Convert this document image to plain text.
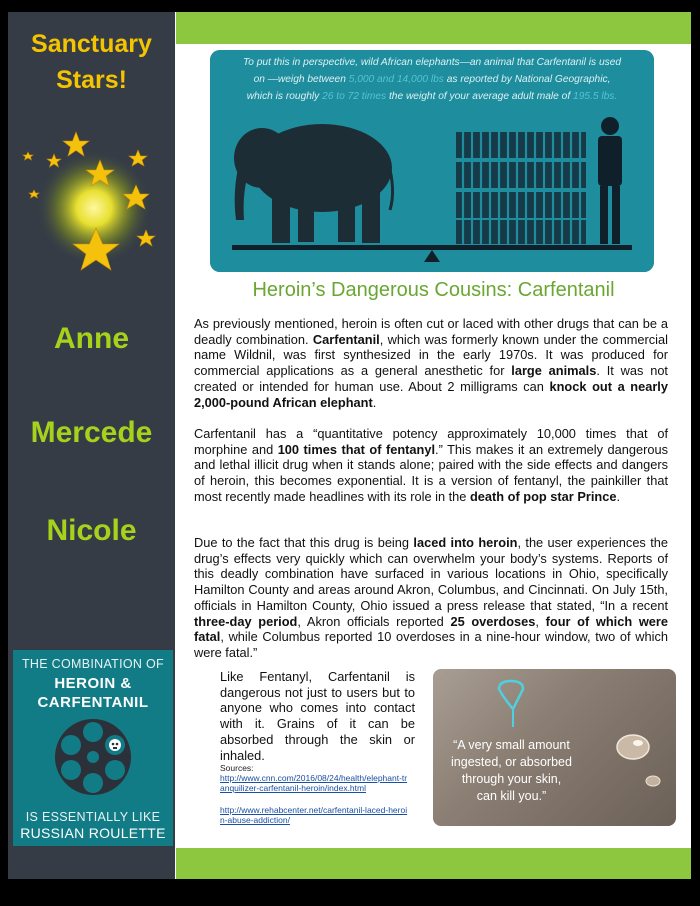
Sanctuary
Stars!
Anne
Mercede
Nicole
THE COMBINATION OF
HEROIN &
CARFENTANIL
IS ESSENTIALLY LIKE
RUSSIAN ROULETTE
To put this in perspective, wild African elephants—an animal that Carfentanil is used
on —weigh between 5,000 and 14,000 lbs as reported by National Geographic,
which is roughly 26 to 72 times the weight of your average adult male of 195.5 lbs.
Heroin’s Dangerous Cousins: Carfentanil
As previously mentioned, heroin is often cut or laced with other drugs that can be a deadly combination. Carfentanil, which was formerly known under the commercial name Wildnil, was first synthesized in the early 1970s. It was produced for commercial applications as a general anesthetic for large animals. It was not created or intended for human use. About 2 milligrams can knock out a nearly 2,000-pound African elephant.
Carfentanil has a “quantitative potency approximately 10,000 times that of morphine and 100 times that of fentanyl.” This makes it an extremely dangerous and lethal illicit drug when it stands alone; paired with the side effects and dangers of heroin, this becomes exponential. It is a version of fentanyl, the painkiller that most recently made headlines with its role in the death of pop star Prince.
Due to the fact that this drug is being laced into heroin, the user experiences the drug’s effects very quickly which can overwhelm your body’s systems. Reports of this deadly combination have surfaced in various locations in Ohio, specifically Hamilton County and areas around Akron, Columbus, and Cincinnati. On July 15th, officials in Hamilton County, Ohio issued a press release that stated, “In a recent three-day period, Akron officials reported 25 overdoses, four of which were fatal, while Columbus reported 10 overdoses in a nine-hour window, two of which were fatal.”
Like Fentanyl, Carfentanil is dangerous not just to users but to anyone who comes into contact with it. Grains of it can be absorbed through the skin or inhaled.
Sources:
http://www.cnn.com/2016/08/24/health/elephant-tranquilizer-carfentanil-heroin/index.html
http://www.rehabcenter.net/carfentanil-laced-heroin-abuse-addiction/
“A very small amount
ingested, or absorbed
through your skin,
can kill you.”
